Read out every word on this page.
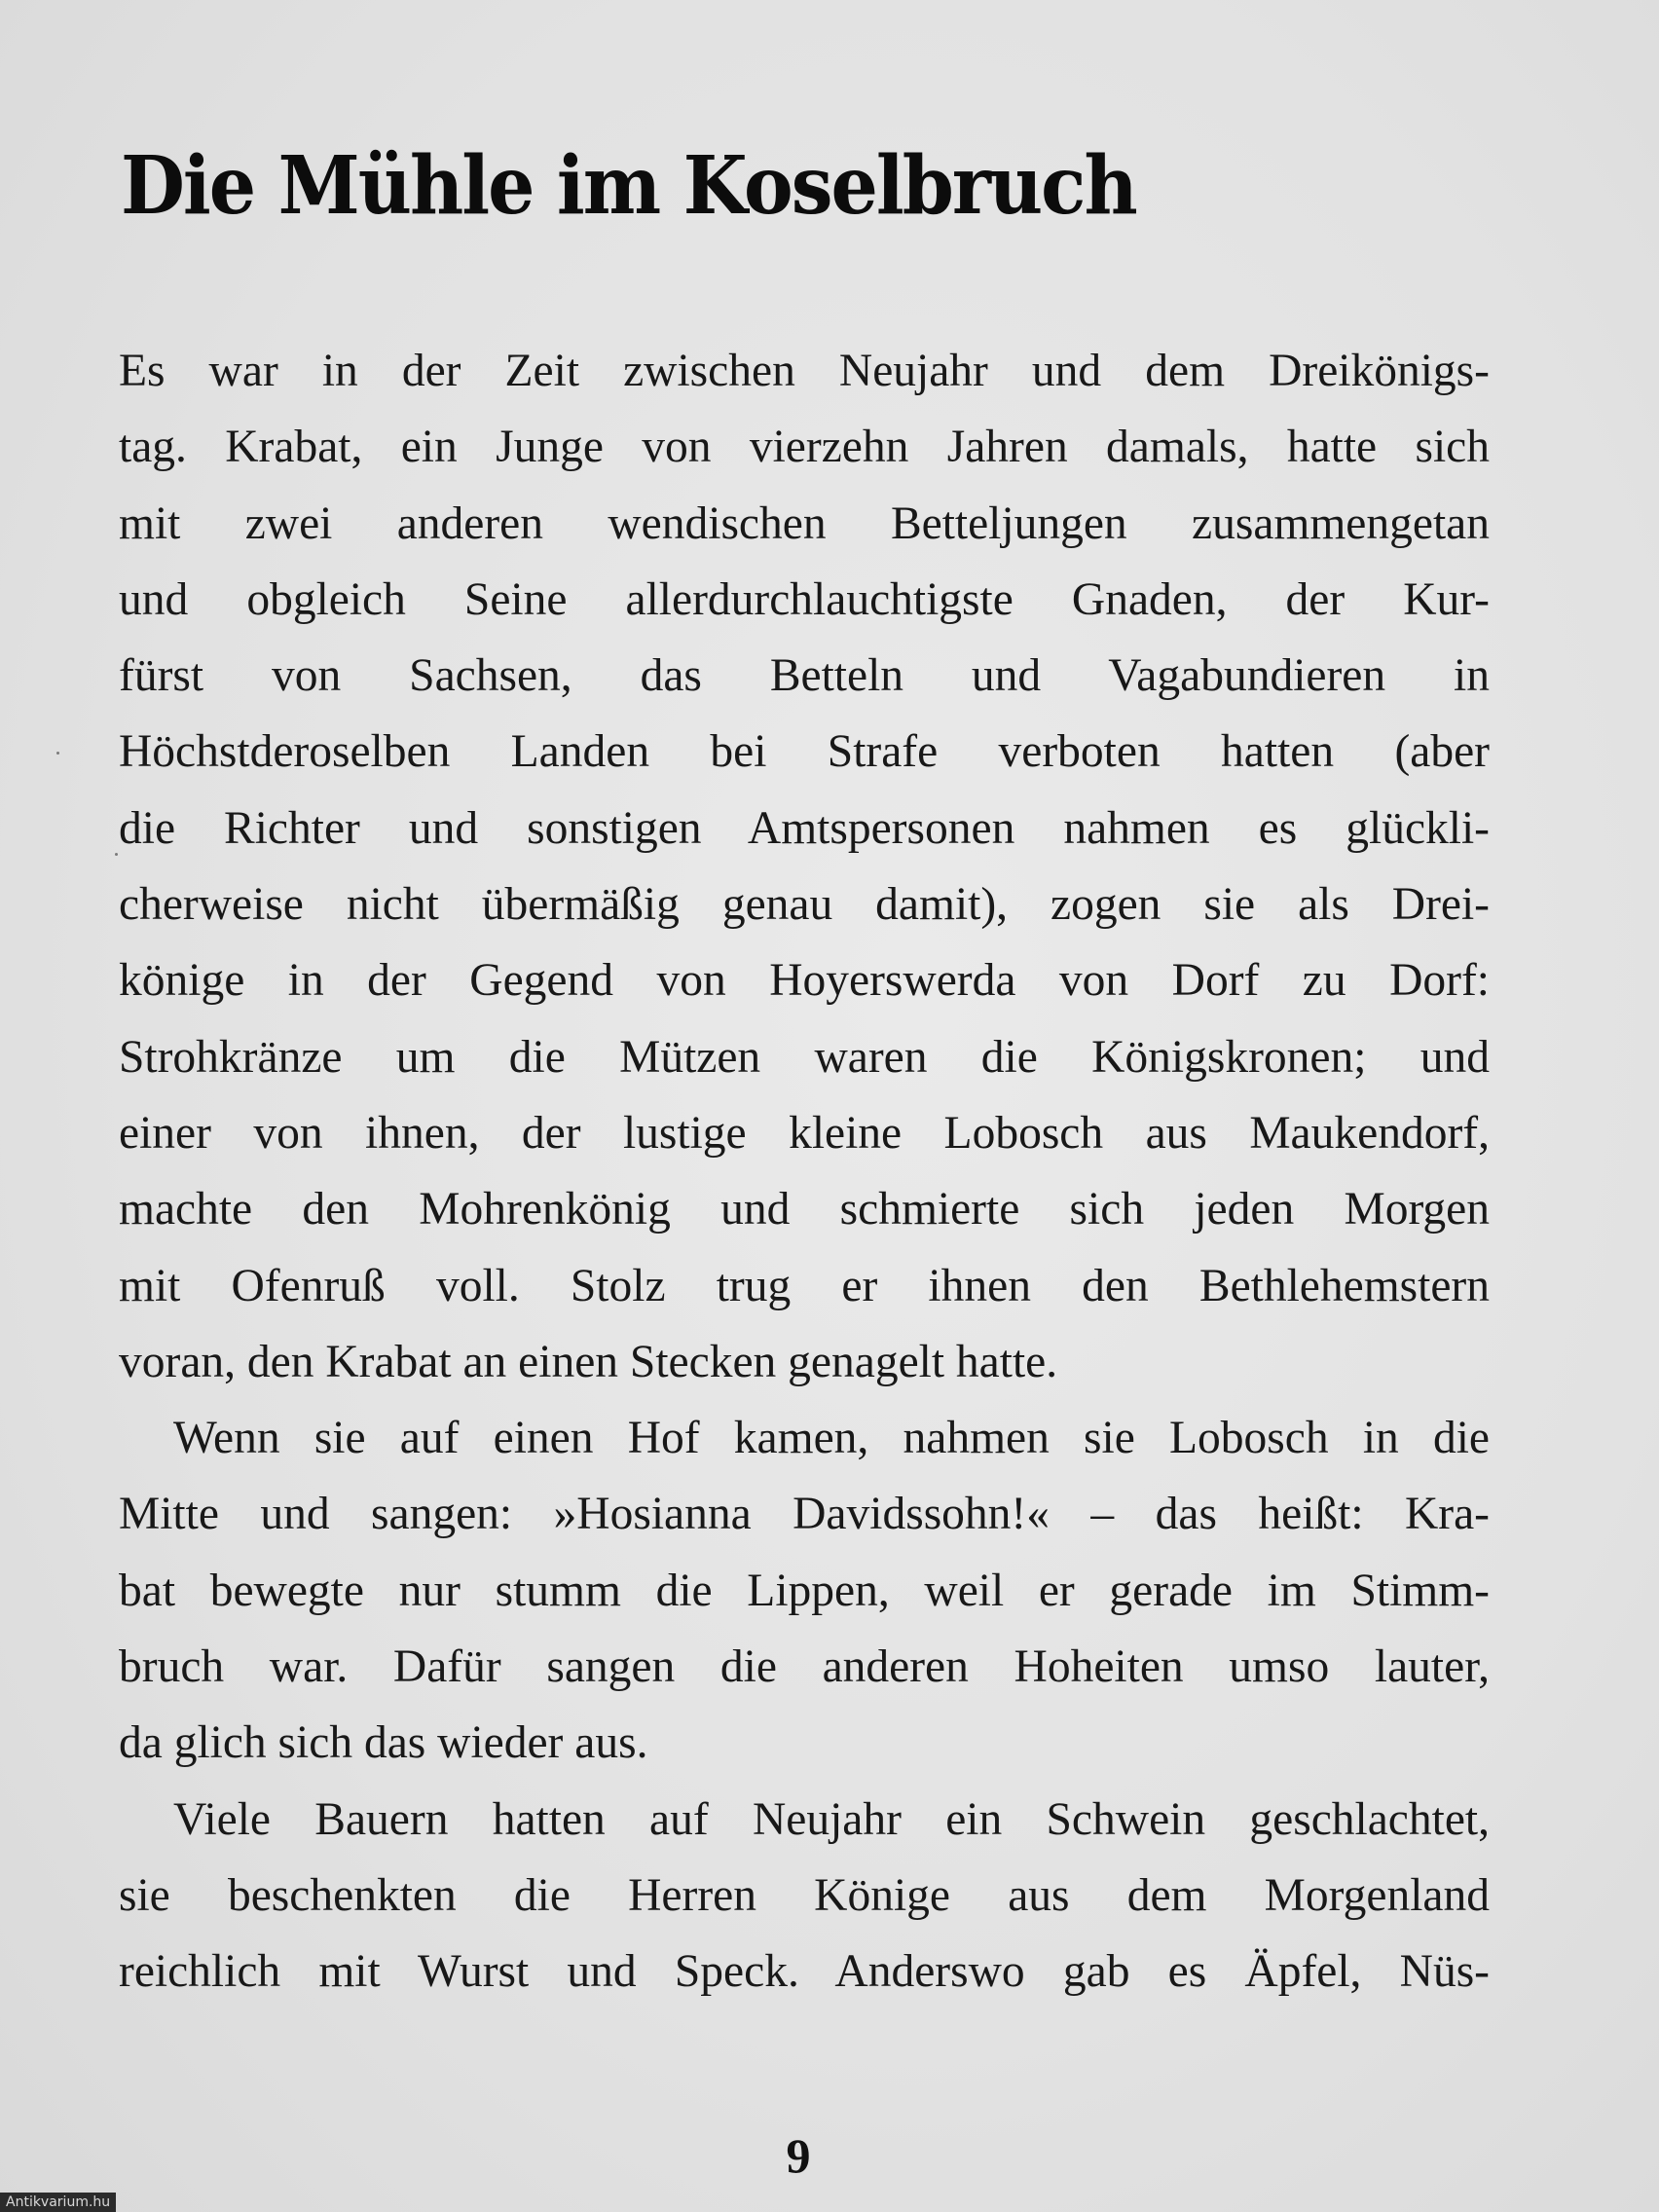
Die Mühle im Koselbruch
Es war in der Zeit zwischen Neujahr und dem Dreikönigs-
tag. Krabat, ein Junge von vierzehn Jahren damals, hatte sich
mit zwei anderen wendischen Betteljungen zusammengetan
und obgleich Seine allerdurchlauchtigste Gnaden, der Kur-
fürst von Sachsen, das Betteln und Vagabundieren in
Höchstderoselben Landen bei Strafe verboten hatten (aber
die Richter und sonstigen Amtspersonen nahmen es glückli-
cherweise nicht übermäßig genau damit), zogen sie als Drei-
könige in der Gegend von Hoyerswerda von Dorf zu Dorf:
Strohkränze um die Mützen waren die Königskronen; und
einer von ihnen, der lustige kleine Lobosch aus Maukendorf,
machte den Mohrenkönig und schmierte sich jeden Morgen
mit Ofenruß voll. Stolz trug er ihnen den Bethlehemstern
voran, den Krabat an einen Stecken genagelt hatte.
Wenn sie auf einen Hof kamen, nahmen sie Lobosch in die
Mitte und sangen: »Hosianna Davidssohn!« – das heißt: Kra-
bat bewegte nur stumm die Lippen, weil er gerade im Stimm-
bruch war. Dafür sangen die anderen Hoheiten umso lauter,
da glich sich das wieder aus.
Viele Bauern hatten auf Neujahr ein Schwein geschlachtet,
sie beschenkten die Herren Könige aus dem Morgenland
reichlich mit Wurst und Speck. Anderswo gab es Äpfel, Nüs-
9
Antikvarium.hu
